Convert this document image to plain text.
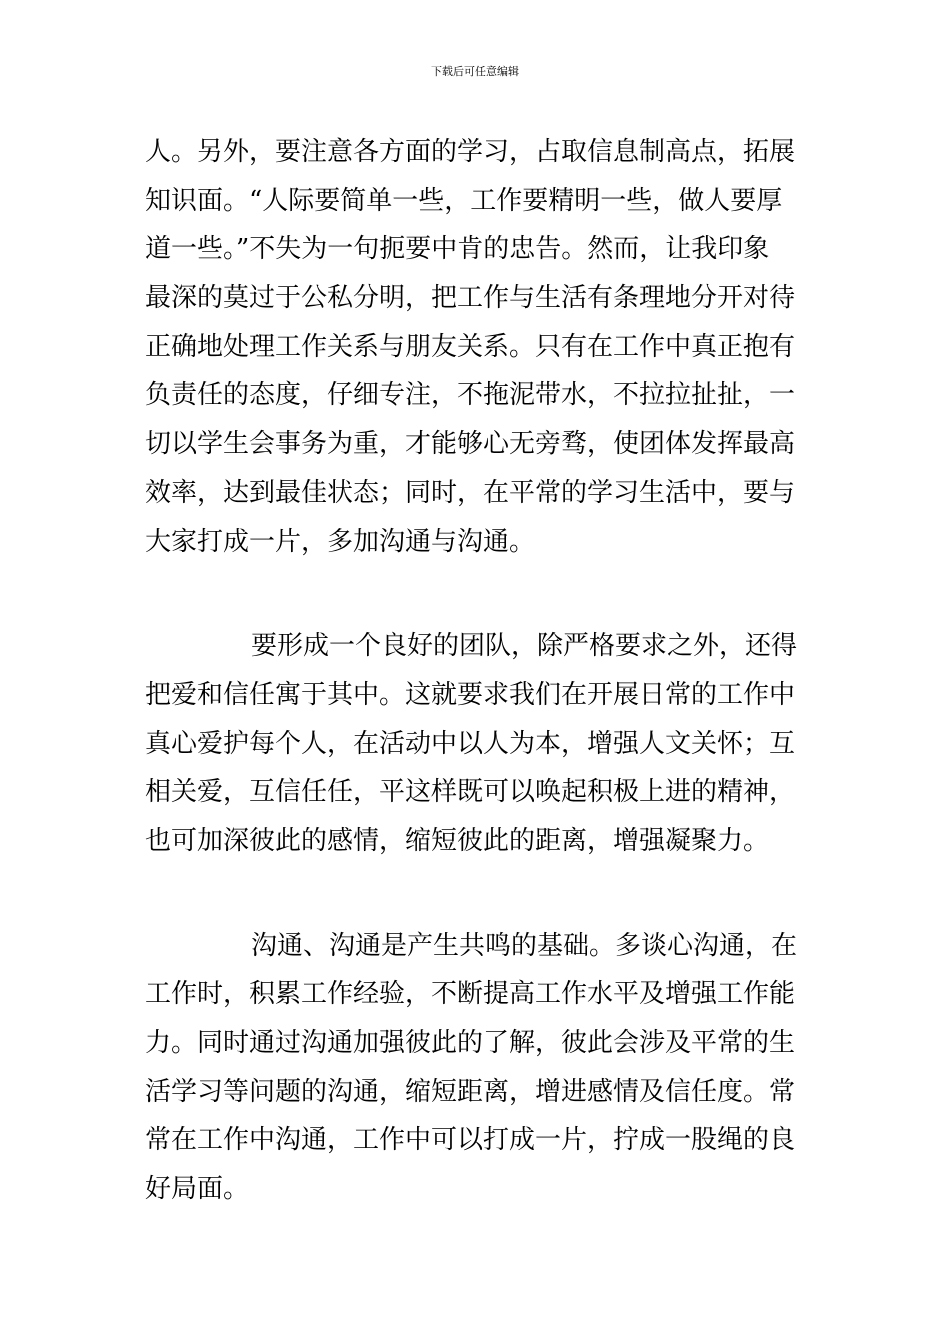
下载后可任意编辑
人。另外，要注意各方面的学习，占取信息制高点，拓展
知识面。“人际要简单一些，工作要精明一些，做人要厚
道一些。”不失为一句扼要中肯的忠告。然而，让我印象
最深的莫过于公私分明，把工作与生活有条理地分开对待
正确地处理工作关系与朋友关系。只有在工作中真正抱有
负责任的态度，仔细专注，不拖泥带水，不拉拉扯扯，一
切以学生会事务为重，才能够心无旁骛，使团体发挥最高
效率，达到最佳状态；同时，在平常的学习生活中，要与
大家打成一片，多加沟通与沟通。
要形成一个良好的团队，除严格要求之外，还得
把爱和信任寓于其中。这就要求我们在开展日常的工作中
真心爱护每个人，在活动中以人为本，增强人文关怀；互
相关爱，互信任任，平这样既可以唤起积极上进的精神，
也可加深彼此的感情，缩短彼此的距离，增强凝聚力。
沟通、沟通是产生共鸣的基础。多谈心沟通，在
工作时，积累工作经验，不断提高工作水平及增强工作能
力。同时通过沟通加强彼此的了解，彼此会涉及平常的生
活学习等问题的沟通，缩短距离，增进感情及信任度。常
常在工作中沟通，工作中可以打成一片，拧成一股绳的良
好局面。
